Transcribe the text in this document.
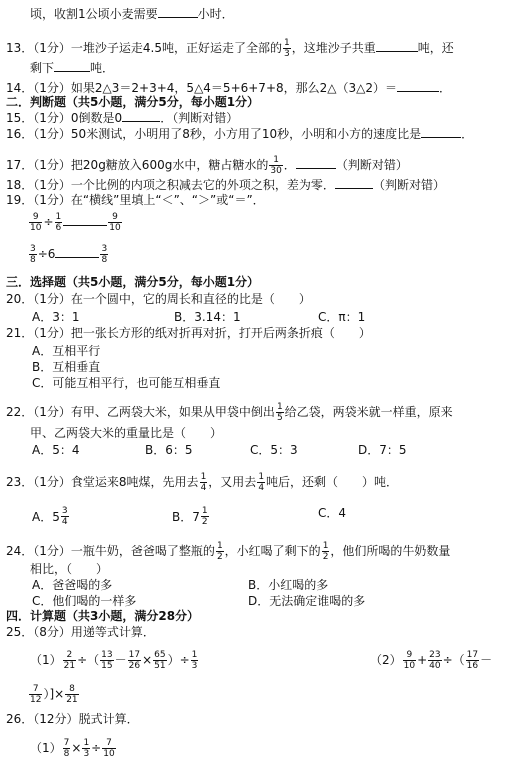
顷，收割1公顷小麦需要	小时．
13．（1分）一堆沙子运走4.5吨，正好运走了全部的 $\frac{1}{3}$ ，这堆沙子共重	吨，还
剩下	吨．
14．（1分）如果2△3＝2+3+4，5△4＝5+6+7+8，那么2△（3△2）＝	．
二．判断题（共5小题，满分5分，每小题1分）
15．（1分）0倒数是0	．（判断对错）
16．（1分）50米测试，小明用了8秒，小方用了10秒，小明和小方的速度比是	．
17．（1分）把20g糖放入600g水中，糖占糖水的 $\frac{1}{30}$ ．	（判断对错）
18．（1分）一个比例的内项之积减去它的外项之积，差为零．	（判断对错）
19．（1分）在“横线”里填上“＜”、“＞”或“＝”．
$\frac{9}{10} \div \frac{1}{6}$	$\frac{9}{10}$
$\frac{3}{8} \div 6$	$\frac{3}{8}$
三．选择题（共5小题，满分5分，每小题1分）
20．（1分）在一个圆中，它的周长和直径的比是（　　）
A．3：1	B．3.14：1	C．π：1
21．（1分）把一张长方形的纸对折再对折，打开后两条折痕（　　）
A．互相平行
B．互相垂直
C．可能互相平行，也可能互相垂直
22．（1分）有甲、乙两袋大米，如果从甲袋中倒出 $\frac{1}{5}$ 给乙袋，两袋米就一样重，原来
甲、乙两袋大米的重量比是（　　）
A．5：4	B．6：5	C．5：3	D．7：5
23．（1分）食堂运来8吨煤，先用去 $\frac{1}{4}$ ，又用去 $\frac{1}{4}$ 吨后，还剩（　　）吨．
A． $5 \frac{3}{4}$	B． $7 \frac{1}{2}$	C．4
24．（1分）一瓶牛奶，爸爸喝了整瓶的 $\frac{1}{2}$ ，小红喝了剩下的 $\frac{1}{2}$ ，他们所喝的牛奶数量
相比，（　　）
A．爸爸喝的多	B．小红喝的多
C．他们喝的一样多	D．无法确定谁喝的多
四．计算题（共3小题，满分28分）
25．（8分）用递等式计算．
$(1) \frac{2}{21}$ ÷（ $\frac{13}{15} - \frac{17}{26} \times \frac{65}{51}$ ）÷ $\frac{1}{3}$	$(2) \frac{9}{10} + \frac{23}{40}$ ÷（ $\frac{17}{16}$ －
$\frac{7}{12}$ ）]× $\frac{8}{21}$
26．（12分）脱式计算．
$(1) \frac{7}{8} \times \frac{1}{3} \div \frac{7}{10}$
